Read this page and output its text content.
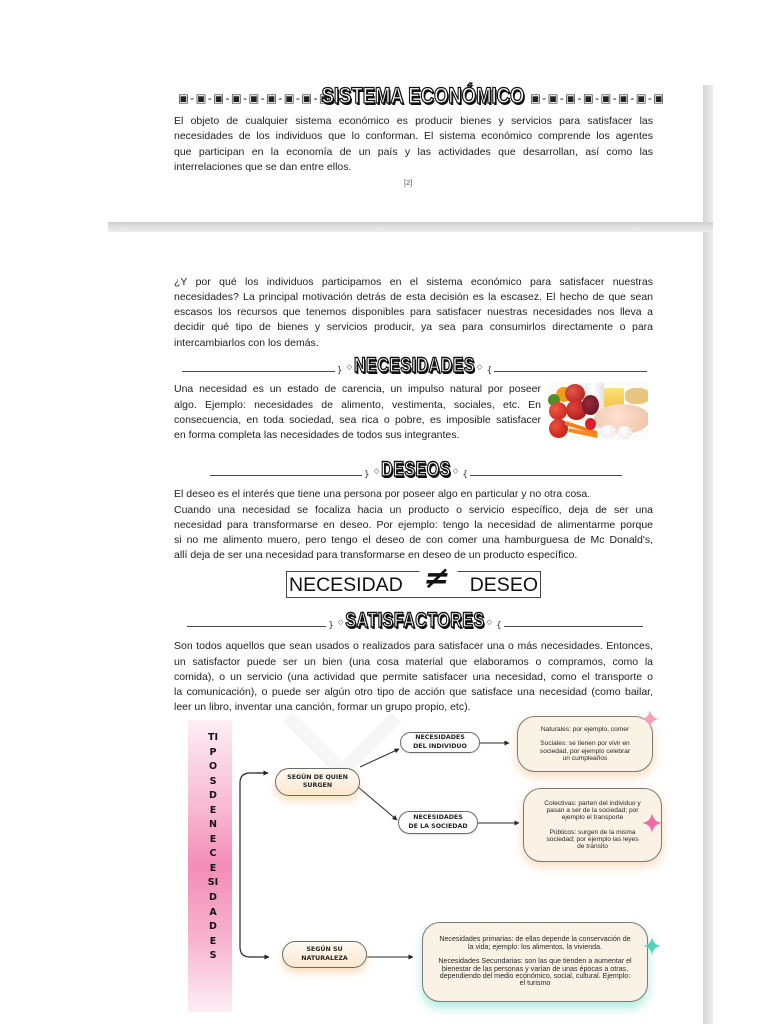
▣-▣-▣-▣-▣-▣-▣-▣-▣
SISTEMA ECONÓMICO ▣-▣-▣-▣-▣-▣-▣-▣
El objeto de cualquier sistema económico es producir bienes y servicios para satisfacer las
necesidades de los individuos que lo conforman. El sistema económico comprende los agentes
que participan en la economía de un país y las actividades que desarrollan, así como las
interrelaciones que se dan entre ellos.
[2]
¿Y por qué los individuos participamos en el sistema económico para satisfacer nuestras
necesidades? La principal motivación detrás de esta decisión es la escasez. El hecho de que sean
escasos los recursos que tenemos disponibles para satisfacer nuestras necesidades nos lleva a
decidir qué tipo de bienes y servicios producir, ya sea para consumirlos directamente o para
intercambiarlos con los demás.
} ◇ NECESIDADES ◇ {
Una necesidad es un estado de carencia, un impulso natural por poseer
algo. Ejemplo: necesidades de alimento, vestimenta, sociales, etc. En
consecuencia, en toda sociedad, sea rica o pobre, es imposible satisfacer
en forma completa las necesidades de todos sus integrantes.
} ◇ DESEOS ◇ {
El deseo es el interés que tiene una persona por poseer algo en particular y no otra cosa.
Cuando una necesidad se focaliza hacia un producto o servicio específico, deja de ser una
necesidad para transformarse en deseo. Por ejemplo: tengo la necesidad de alimentarme porque
si no me alimento muero, pero tengo el deseo de con comer una hamburguesa de Mc Donald's,
allí deja de ser una necesidad para transformarse en deseo de un producto específico.
NECESIDAD ≠ DESEO
} ◇ SATISFACTORES ◇ {
Son todos aquellos que sean usados o realizados para satisfacer una o más necesidades. Entonces,
un satisfactor puede ser un bien (una cosa material que elaboramos o compramos, como la
comida), o un servicio (una actividad que permite satisfacer una necesidad, como el transporte o
la comunicación), o puede ser algún otro tipo de acción que satisface una necesidad (como bailar,
leer un libro, inventar una canción, formar un grupo propio, etc).
TIPOSDENECESIDADES
SEGÚN DE QUIEN
SURGEN
NECESIDADES
DEL INDIVIDUO

Naturales: por ejemplo, comer

Sociales: se tienen por vivir en
sociedad, por ejemplo celebrar
un cumpleaños

NECESIDADES
DE LA SOCIEDAD

Colectivas: parten del individuo y
pasan a ser de la sociedad; por
ejemplo el transporte

Públicos: surgen de la misma
sociedad; por ejemplo las leyes
de tránsito

SEGÚN SU
NATURALEZA

Necesidades primarias: de ellas depende la conservación de
la vida; ejemplo: los alimentos, la vivienda.

Necesidades Secundarias: son las que tienden a aumentar el
bienestar de las personas y varían de unas épocas a otras,
dependiendo del medio económico, social, cultural. Ejemplo:
el turismo
